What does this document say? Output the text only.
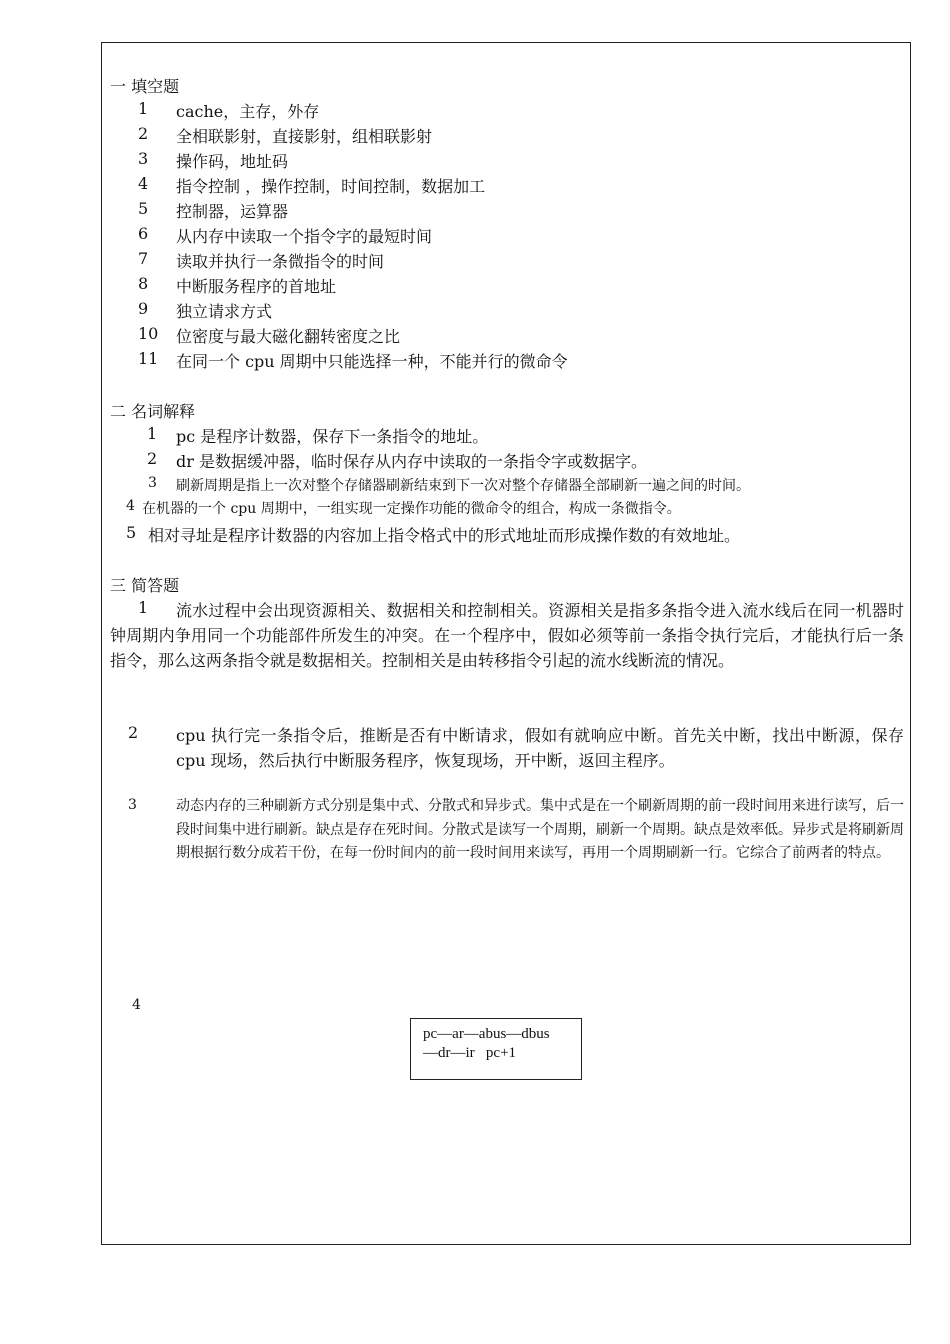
一 填空题
1 cache，主存，外存
2 全相联影射，直接影射，组相联影射
3 操作码，地址码
4 指令控制 ，操作控制，时间控制，数据加工
5 控制器，运算器
6 从内存中读取一个指令字的最短时间
7 读取并执行一条微指令的时间
8 中断服务程序的首地址
9 独立请求方式
10 位密度与最大磁化翻转密度之比
11 在同一个 cpu 周期中只能选择一种，不能并行的微命令
二 名词解释
1 pc 是程序计数器，保存下一条指令的地址。
2 dr 是数据缓冲器，临时保存从内存中读取的一条指令字或数据字。
3 刷新周期是指上一次对整个存储器刷新结束到下一次对整个存储器全部刷新一遍之间的时间。
4 在机器的一个 cpu 周期中，一组实现一定操作功能的微命令的组合，构成一条微指令。
5 相对寻址是程序计数器的内容加上指令格式中的形式地址而形成操作数的有效地址。
三 简答题
1	流水过程中会出现资源相关、数据相关和控制相关。资源相关是指多条指令进入流水线后在同一机器时钟周期内争用同一个功能部件所发生的冲突。在一个程序中，假如必须等前一条指令执行完后，才能执行后一条指令，那么这两条指令就是数据相关。控制相关是由转移指令引起的流水线断流的情况。
2 cpu 执行完一条指令后，推断是否有中断请求，假如有就响应中断。首先关中断，找出中断源，保存 cpu 现场，然后执行中断服务程序，恢复现场，开中断，返回主程序。
3	动态内存的三种刷新方式分别是集中式、分散式和异步式。集中式是在一个刷新周期的前一段时间用来进行读写，后一段时间集中进行刷新。缺点是存在死时间。分散式是读写一个周期，刷新一个周期。缺点是效率低。异步式是将刷新周期根据行数分成若干份，在每一份时间内的前一段时间用来读写，再用一个周期刷新一行。它综合了前两者的特点。
4
pc—ar—abus—dbus
—dr—ir   pc+1
